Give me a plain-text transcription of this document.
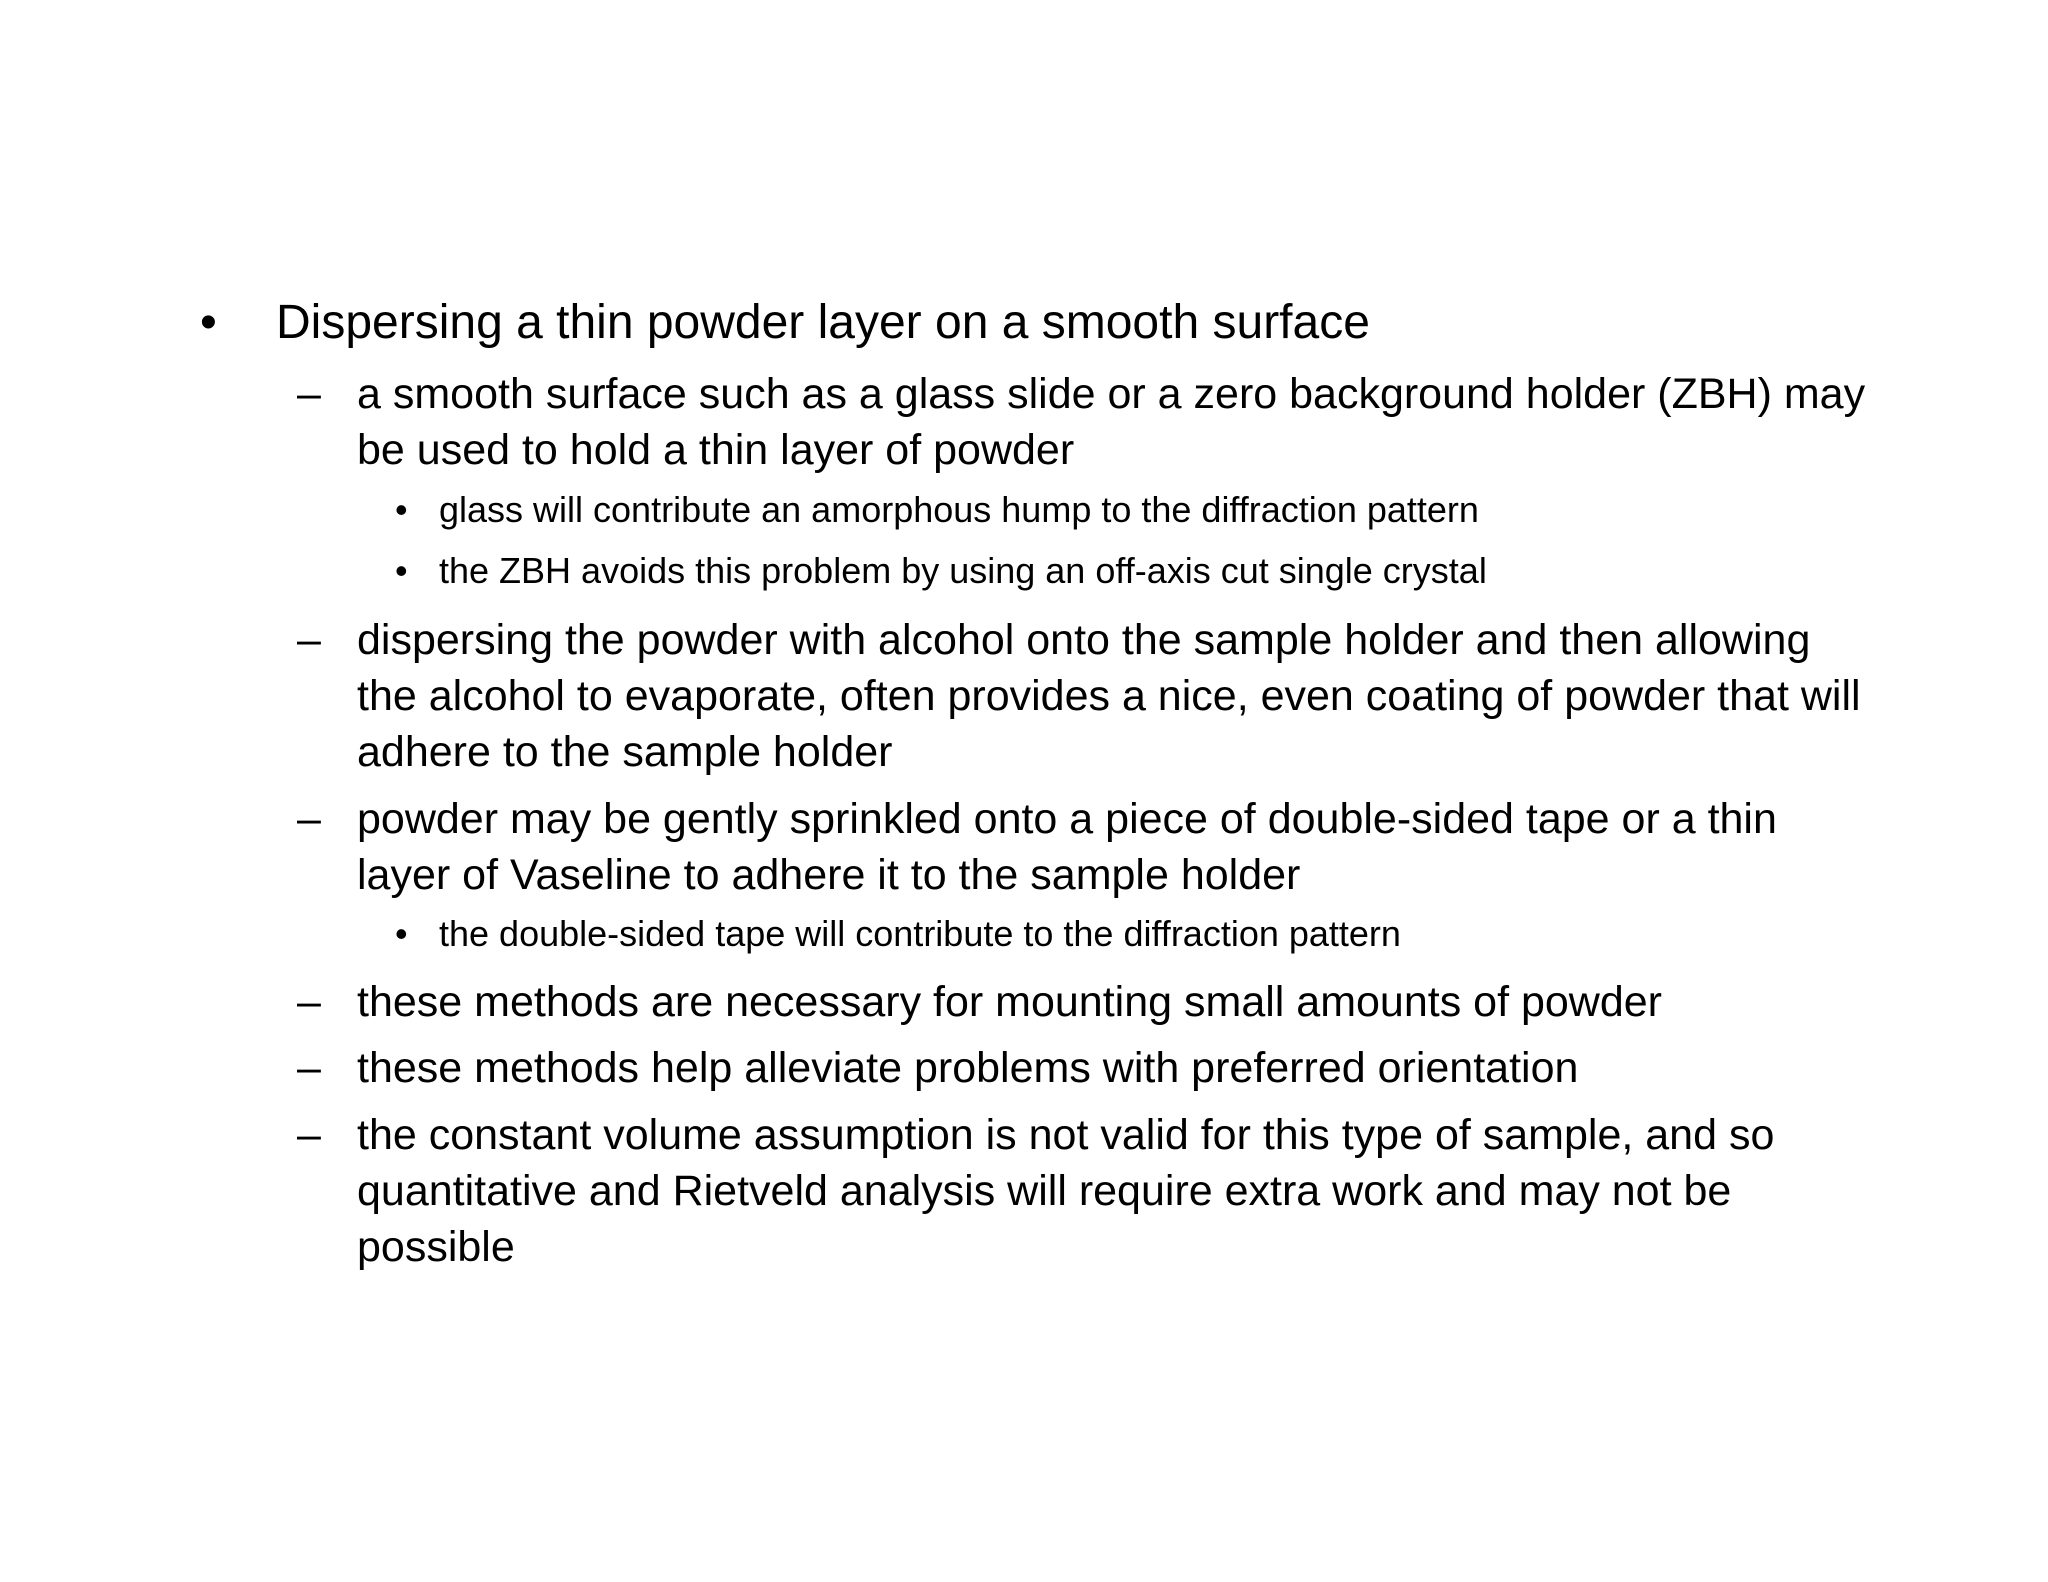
• Dispersing a thin powder layer on a smooth surface
– a smooth surface such as a glass slide or a zero background holder (ZBH) may be used to hold a thin layer of powder
• glass will contribute an amorphous hump to the diffraction pattern
• the ZBH avoids this problem by using an off-axis cut single crystal
– dispersing the powder with alcohol onto the sample holder and then allowing the alcohol to evaporate, often provides a nice, even coating of powder that will adhere to the sample holder
– powder may be gently sprinkled onto a piece of double-sided tape or a thin layer of Vaseline to adhere it to the sample holder
• the double-sided tape will contribute to the diffraction pattern
– these methods are necessary for mounting small amounts of powder
– these methods help alleviate problems with preferred orientation
– the constant volume assumption is not valid for this type of sample, and so quantitative and Rietveld analysis will require extra work and may not be possible
